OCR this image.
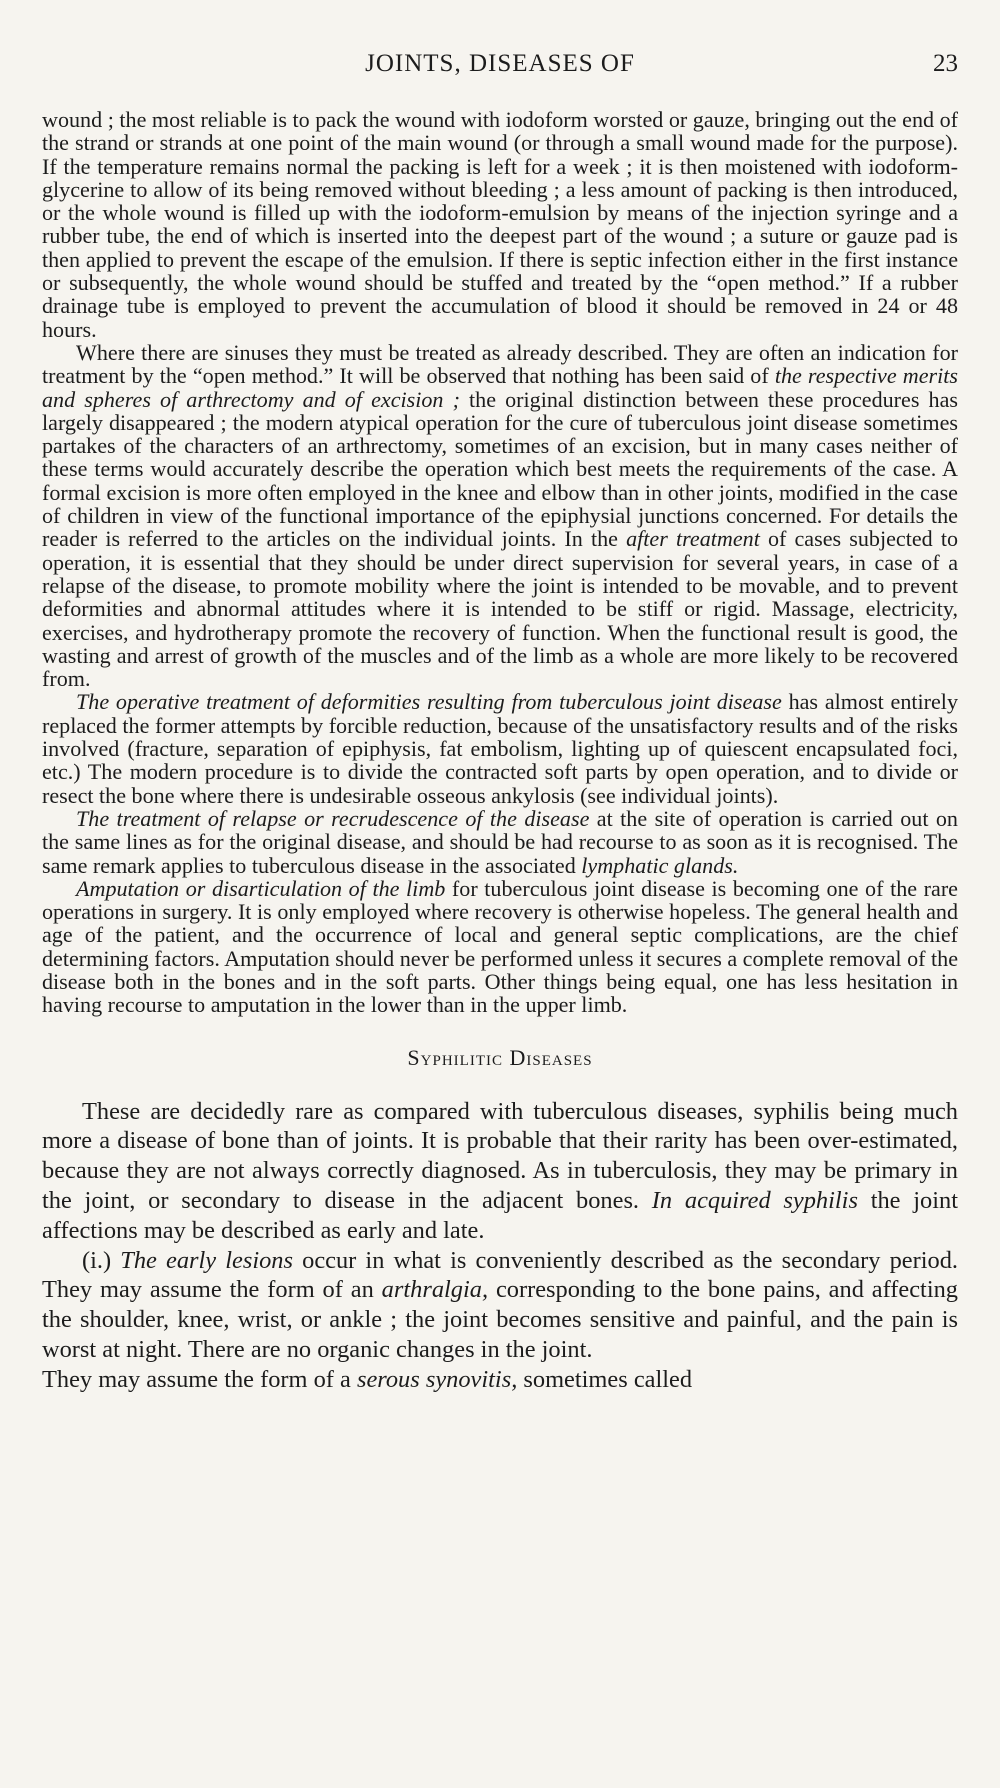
JOINTS, DISEASES OF	23

wound ; the most reliable is to pack the wound with iodoform worsted or gauze, bringing out the end of the strand or strands at one point of the main wound (or through a small wound made for the purpose). If the temperature remains normal the packing is left for a week ; it is then moistened with iodoform-glycerine to allow of its being removed without bleeding ; a less amount of packing is then introduced, or the whole wound is filled up with the iodoform-emulsion by means of the injection syringe and a rubber tube, the end of which is inserted into the deepest part of the wound ; a suture or gauze pad is then applied to prevent the escape of the emulsion. If there is septic infection either in the first instance or subsequently, the whole wound should be stuffed and treated by the “open method.” If a rubber drainage tube is employed to prevent the accumulation of blood it should be removed in 24 or 48 hours.

Where there are sinuses they must be treated as already described. They are often an indication for treatment by the “open method.” It will be observed that nothing has been said of the respective merits and spheres of arthrectomy and of excision ; the original distinction between these procedures has largely disappeared ; the modern atypical operation for the cure of tuberculous joint disease sometimes partakes of the characters of an arthrectomy, sometimes of an excision, but in many cases neither of these terms would accurately describe the operation which best meets the requirements of the case. A formal excision is more often employed in the knee and elbow than in other joints, modified in the case of children in view of the functional importance of the epiphysial junctions concerned. For details the reader is referred to the articles on the individual joints. In the after treatment of cases subjected to operation, it is essential that they should be under direct supervision for several years, in case of a relapse of the disease, to promote mobility where the joint is intended to be movable, and to prevent deformities and abnormal attitudes where it is intended to be stiff or rigid. Massage, electricity, exercises, and hydrotherapy promote the recovery of function. When the functional result is good, the wasting and arrest of growth of the muscles and of the limb as a whole are more likely to be recovered from.

The operative treatment of deformities resulting from tuberculous joint disease has almost entirely replaced the former attempts by forcible reduction, because of the unsatisfactory results and of the risks involved (fracture, separation of epiphysis, fat embolism, lighting up of quiescent encapsulated foci, etc.) The modern procedure is to divide the contracted soft parts by open operation, and to divide or resect the bone where there is undesirable osseous ankylosis (see individual joints).

The treatment of relapse or recrudescence of the disease at the site of operation is carried out on the same lines as for the original disease, and should be had recourse to as soon as it is recognised. The same remark applies to tuberculous disease in the associated lymphatic glands.

Amputation or disarticulation of the limb for tuberculous joint disease is becoming one of the rare operations in surgery. It is only employed where recovery is otherwise hopeless. The general health and age of the patient, and the occurrence of local and general septic complications, are the chief determining factors. Amputation should never be performed unless it secures a complete removal of the disease both in the bones and in the soft parts. Other things being equal, one has less hesitation in having recourse to amputation in the lower than in the upper limb.

Syphilitic Diseases

These are decidedly rare as compared with tuberculous diseases, syphilis being much more a disease of bone than of joints. It is probable that their rarity has been over-estimated, because they are not always correctly diagnosed. As in tuberculosis, they may be primary in the joint, or secondary to disease in the adjacent bones. In acquired syphilis the joint affections may be described as early and late.

(i.) The early lesions occur in what is conveniently described as the secondary period. They may assume the form of an arthralgia, corresponding to the bone pains, and affecting the shoulder, knee, wrist, or ankle ; the joint becomes sensitive and painful, and the pain is worst at night. There are no organic changes in the joint.

They may assume the form of a serous synovitis, sometimes called
